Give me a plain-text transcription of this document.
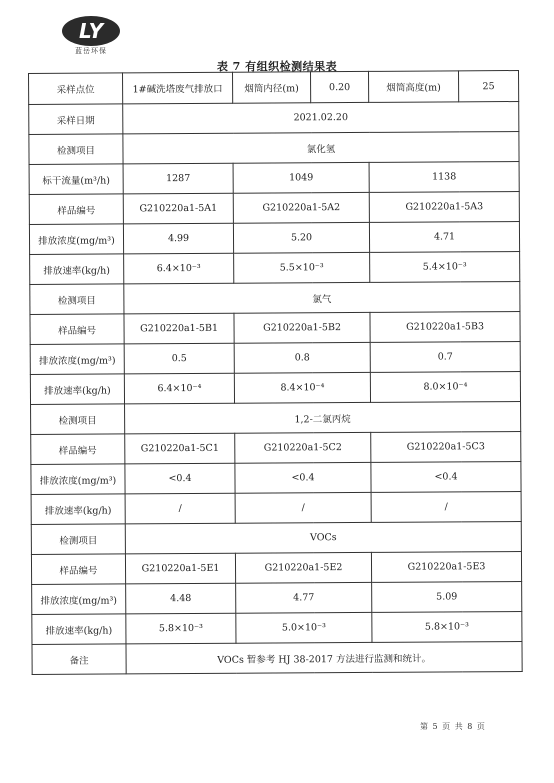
LY
蓝岳环保
表 7 有组织检测结果表
采样点位	1#碱洗塔废气排放口	烟筒内径(m)	0.20	烟筒高度(m)	25
采样日期	2021.02.20				
检测项目	氯化氢				
标干流量(m³/h)	1287	1049		1138	
样品编号	G210220a1-5A1	G210220a1-5A2		G210220a1-5A3	
排放浓度(mg/m³)	4.99	5.20		4.71	
排放速率(kg/h)	6.4×10⁻³	5.5×10⁻³		5.4×10⁻³	
检测项目	氯气				
样品编号	G210220a1-5B1	G210220a1-5B2		G210220a1-5B3	
排放浓度(mg/m³)	0.5	0.8		0.7	
排放速率(kg/h)	6.4×10⁻⁴	8.4×10⁻⁴		8.0×10⁻⁴	
检测项目	1,2-二氯丙烷				
样品编号	G210220a1-5C1	G210220a1-5C2		G210220a1-5C3	
排放浓度(mg/m³)	<0.4	<0.4		<0.4	
排放速率(kg/h)	/	/		/	
检测项目	VOCs				
样品编号	G210220a1-5E1	G210220a1-5E2		G210220a1-5E3	
排放浓度(mg/m³)	4.48	4.77		5.09	
排放速率(kg/h)	5.8×10⁻³	5.0×10⁻³		5.8×10⁻³	
备注	VOCs 暂参考 HJ 38-2017 方法进行监测和统计。				
第 5 页 共 8 页
